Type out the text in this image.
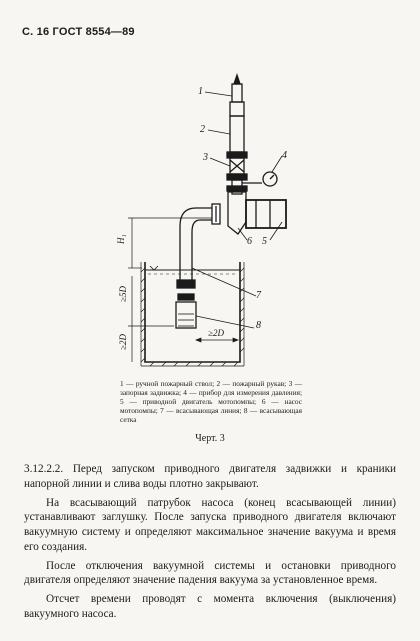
С. 16 ГОСТ 8554—89
1
2
3	4
5
6
7
8
H₁
≥5D
≥2D
≥2D
1 — ручной пожарный ствол; 2 — пожарный рукав; 3 — запорная задвижка; 4 — прибор для измерения давления; 5 — приводной двигатель мотопомпы; 6 — насос мотопомпы; 7 — всасывающая линия; 8 — всасывающая сетка
Черт. 3

3.12.2.2. Перед запуском приводного двигателя задвижки и краники напорной линии и слива воды плотно закрывают.

На всасывающий патрубок насоса (конец всасывающей линии) устанавливают заглушку. После запуска приводного двигателя включают вакуумную систему и определяют максимальное значение вакуума и время его создания.

После отключения вакуумной системы и остановки приводного двигателя определяют значение падения вакуума за установленное время.

Отсчет времени проводят с момента включения (выключения) вакуумного насоса.
